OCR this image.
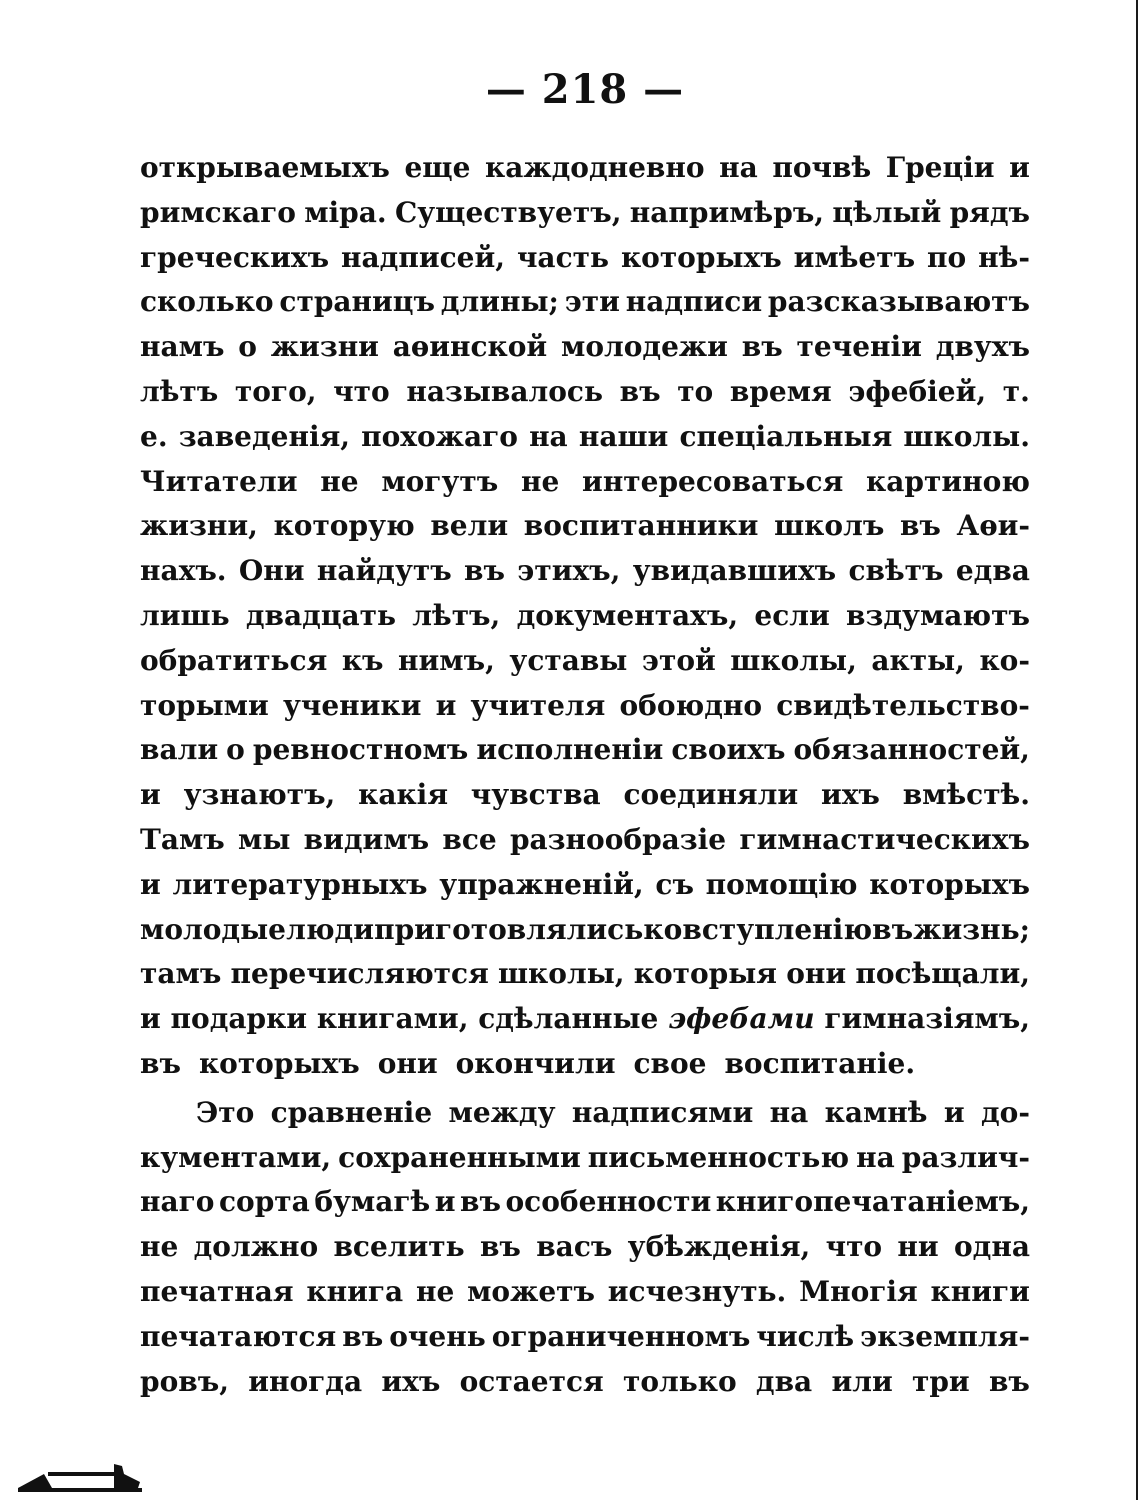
— 218 —
открываемыхъ еще каждодневно на почвѣ Греціи и
римскаго міра. Существуетъ, напримѣръ, цѣлый рядъ
греческихъ надписей, часть которыхъ имѣетъ по нѣ-
сколько страницъ длины; эти надписи разсказываютъ
намъ о жизни аѳинской молодежи въ теченіи двухъ
лѣтъ того, что называлось въ то время эфебіей, т.
е. заведенія, похожаго на наши спеціальныя школы.
Читатели не могутъ не интересоваться картиною
жизни, которую вели воспитанники школъ въ Аѳи-
нахъ. Они найдутъ въ этихъ, увидавшихъ свѣтъ едва
лишь двадцать лѣтъ, документахъ, если вздумаютъ
обратиться къ нимъ, уставы этой школы, акты, ко-
торыми ученики и учителя обоюдно свидѣтельство-
вали о ревностномъ исполненіи своихъ обязанностей,
и узнаютъ, какія чувства соединяли ихъ вмѣстѣ.
Тамъ мы видимъ все разнообразіе гимнастическихъ
и литературныхъ упражненій, съ помощію которыхъ
молодые люди приготовлялись ко вступленію въ жизнь;
тамъ перечисляются школы, которыя они посѣщали,
и подарки книгами, сдѣланные эфебами гимназіямъ,
въ которыхъ они окончили свое воспитаніе.
Это сравненіе между надписями на камнѣ и до-
кументами, сохраненными письменностью на различ-
наго сорта бумагѣ и въ особенности книгопечатаніемъ,
не должно вселить въ васъ убѣжденія, что ни одна
печатная книга не можетъ исчезнуть. Многія книги
печатаются въ очень ограниченномъ числѣ экземпля-
ровъ, иногда ихъ остается только два или три въ
